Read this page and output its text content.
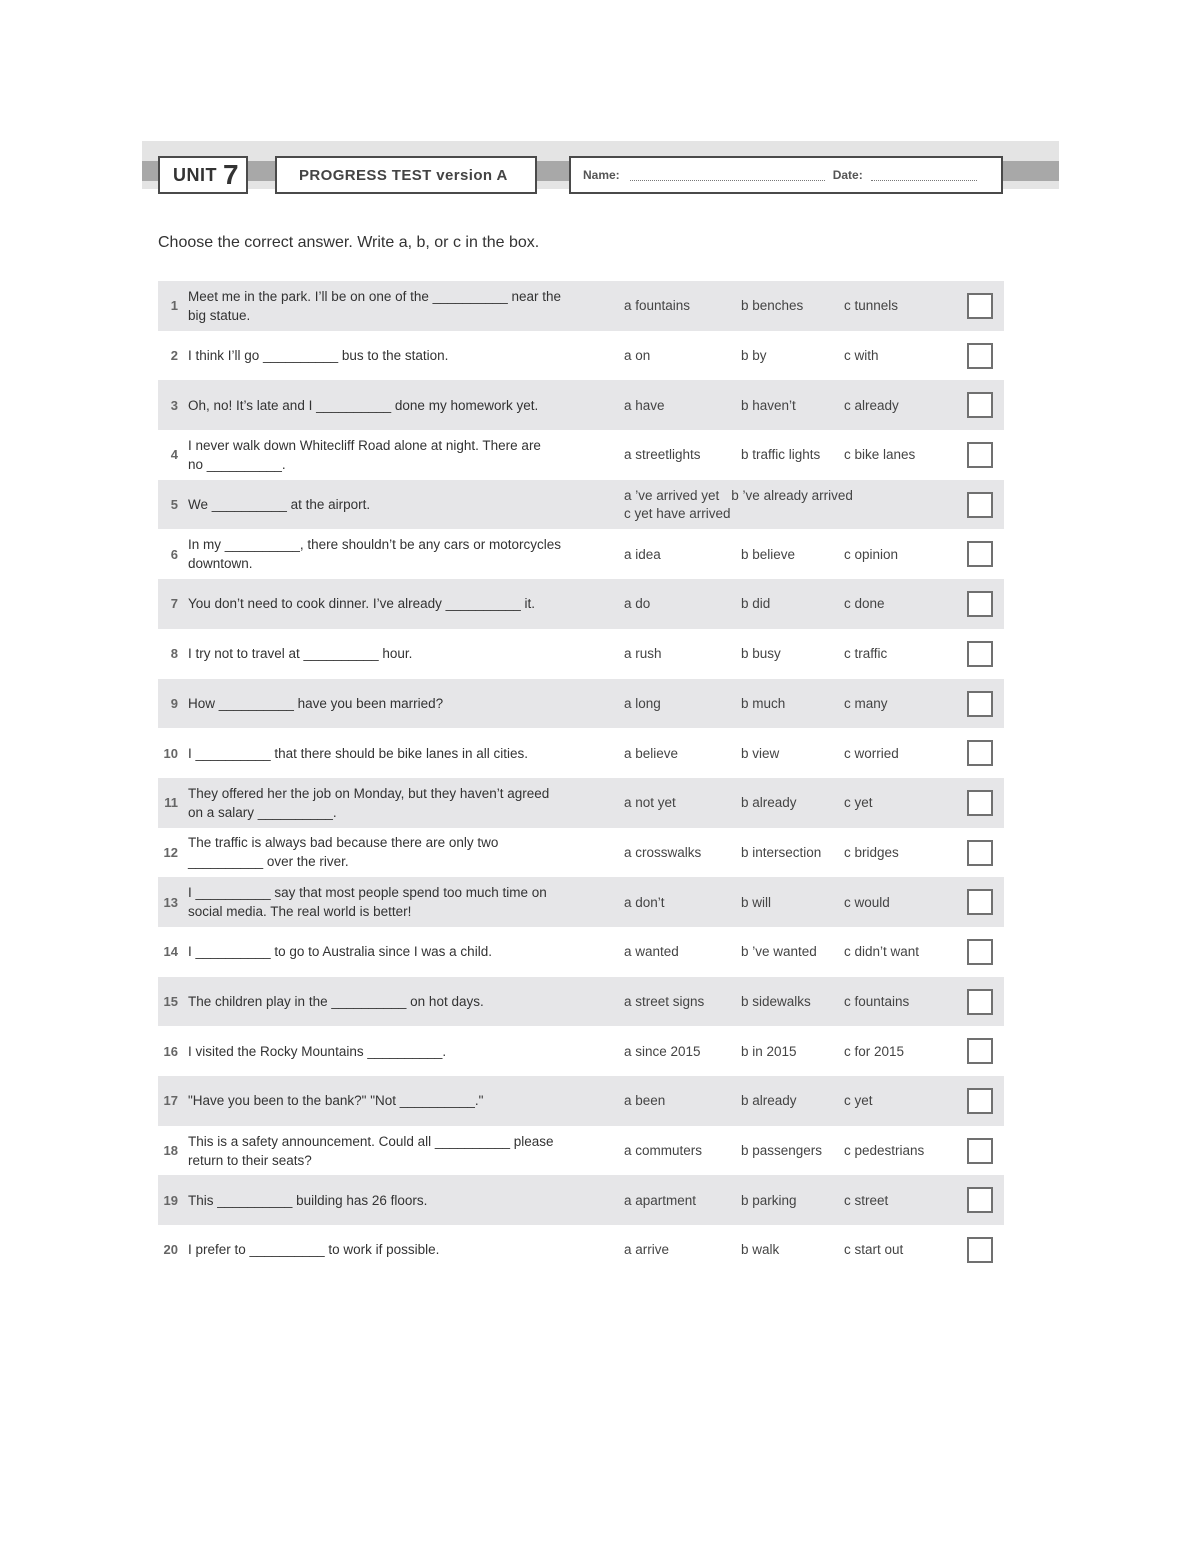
UNIT 7	PROGRESS TEST version A	Name:	Date:
Choose the correct answer. Write a, b, or c in the box.
1
Meet me in the park. I’ll be on one of the __________ near the
big statue.
a fountains	b benches	c tunnels
2 I think I’ll go __________ bus to the station.	a on	b by	c with
3 Oh, no! It’s late and I __________ done my homework yet.	a have	b haven’t	c already
4
I never walk down Whitecliff Road alone at night. There are
no __________.
a streetlights	b traffic lights c bike lanes
5 We __________ at the airport.
a ’ve arrived yet b ’ve already arrived
c yet have arrived
6
In my __________, there shouldn’t be any cars or motorcycles
downtown.
a idea	b believe	c opinion
7 You don’t need to cook dinner. I’ve already __________ it.	a do	b did	c done
8 I try not to travel at __________ hour.	a rush	b busy	c traffic
9 How __________ have you been married?	a long	b much	c many
10 I __________ that there should be bike lanes in all cities.	a believe	b view	c worried
11
They offered her the job on Monday, but they haven’t agreed
on a salary __________.
a not yet	b already	c yet
12
The traffic is always bad because there are only two
__________ over the river.
a crosswalks	b intersection c bridges
13
I __________ say that most people spend too much time on
social media. The real world is better!
a don’t	b will	c would
14 I __________ to go to Australia since I was a child.	a wanted	b ’ve wanted c didn’t want
15 The children play in the __________ on hot days.	a street signs	b sidewalks c fountains
16 I visited the Rocky Mountains __________.	a since 2015	b in 2015	c for 2015
17 "Have you been to the bank?" "Not __________."	a been	b already	c yet
18
This is a safety announcement. Could all __________ please
return to their seats?
a commuters	b passengers c pedestrians
19 This __________ building has 26 floors.	a apartment	b parking	c street
20 I prefer to __________ to work if possible.	a arrive	b walk	c start out
